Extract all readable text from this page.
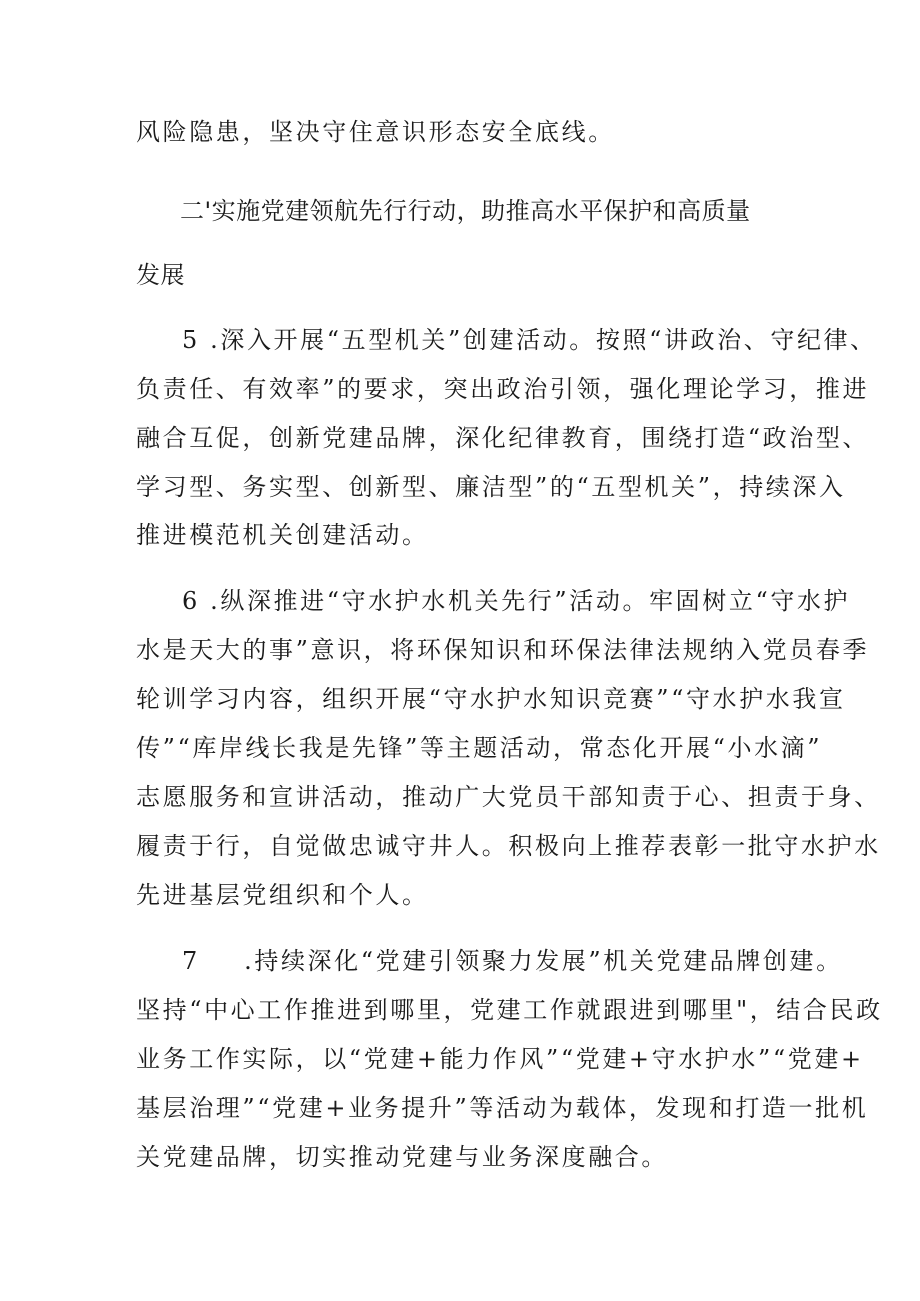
风险隐患，坚决守住意识形态安全底线。
二'实施党建领航先行行动，助推高水平保护和高质量
发展
5 .深入开展“五型机关”创建活动。按照“讲政治、守纪律、
负责任、有效率”的要求，突出政治引领，强化理论学习，推进
融合互促，创新党建品牌，深化纪律教育，围绕打造“政治型、
学习型、务实型、创新型、廉洁型”的“五型机关”，持续深入
推进模范机关创建活动。
6 .纵深推进“守水护水机关先行”活动。牢固树立“守水护
水是天大的事”意识，将环保知识和环保法律法规纳入党员春季
轮训学习内容，组织开展“守水护水知识竞赛”“守水护水我宣
传”“库岸线长我是先锋”等主题活动，常态化开展“小水滴”
志愿服务和宣讲活动，推动广大党员干部知责于心、担责于身、
履责于行，自觉做忠诚守井人。积极向上推荐表彰一批守水护水
先进基层党组织和个人。
7 .持续深化“党建引领聚力发展”机关党建品牌创建。
坚持“中心工作推进到哪里，党建工作就跟进到哪里"，结合民政
业务工作实际，以“党建+能力作风”“党建+守水护水”“党建+
基层治理”“党建+业务提升”等活动为载体，发现和打造一批机
关党建品牌，切实推动党建与业务深度融合。
